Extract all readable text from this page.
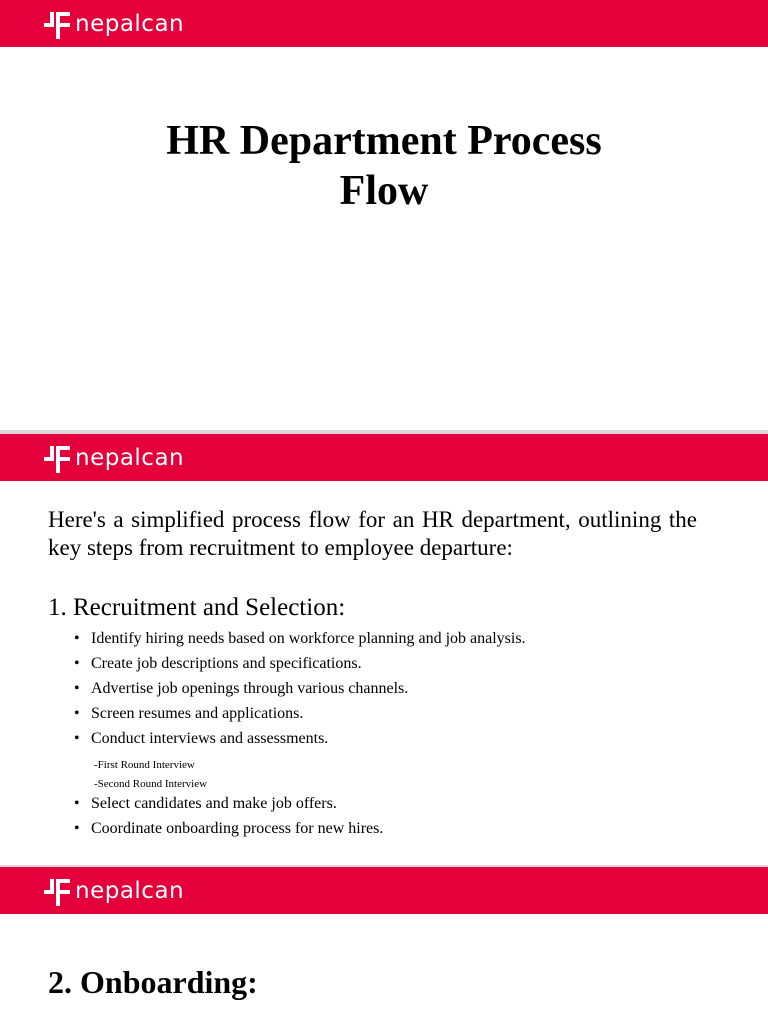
nepalcan
HR Department Process
Flow
nepalcan

Here's a simplified process flow for an HR department, outlining the key steps from recruitment to employee departure:

1. Recruitment and Selection:

• Identify hiring needs based on workforce planning and job analysis.
• Create job descriptions and specifications.
• Advertise job openings through various channels.
• Screen resumes and applications.
• Conduct interviews and assessments.
-First Round Interview
-Second Round Interview
• Select candidates and make job offers.
• Coordinate onboarding process for new hires.
nepalcan
2. Onboarding:
